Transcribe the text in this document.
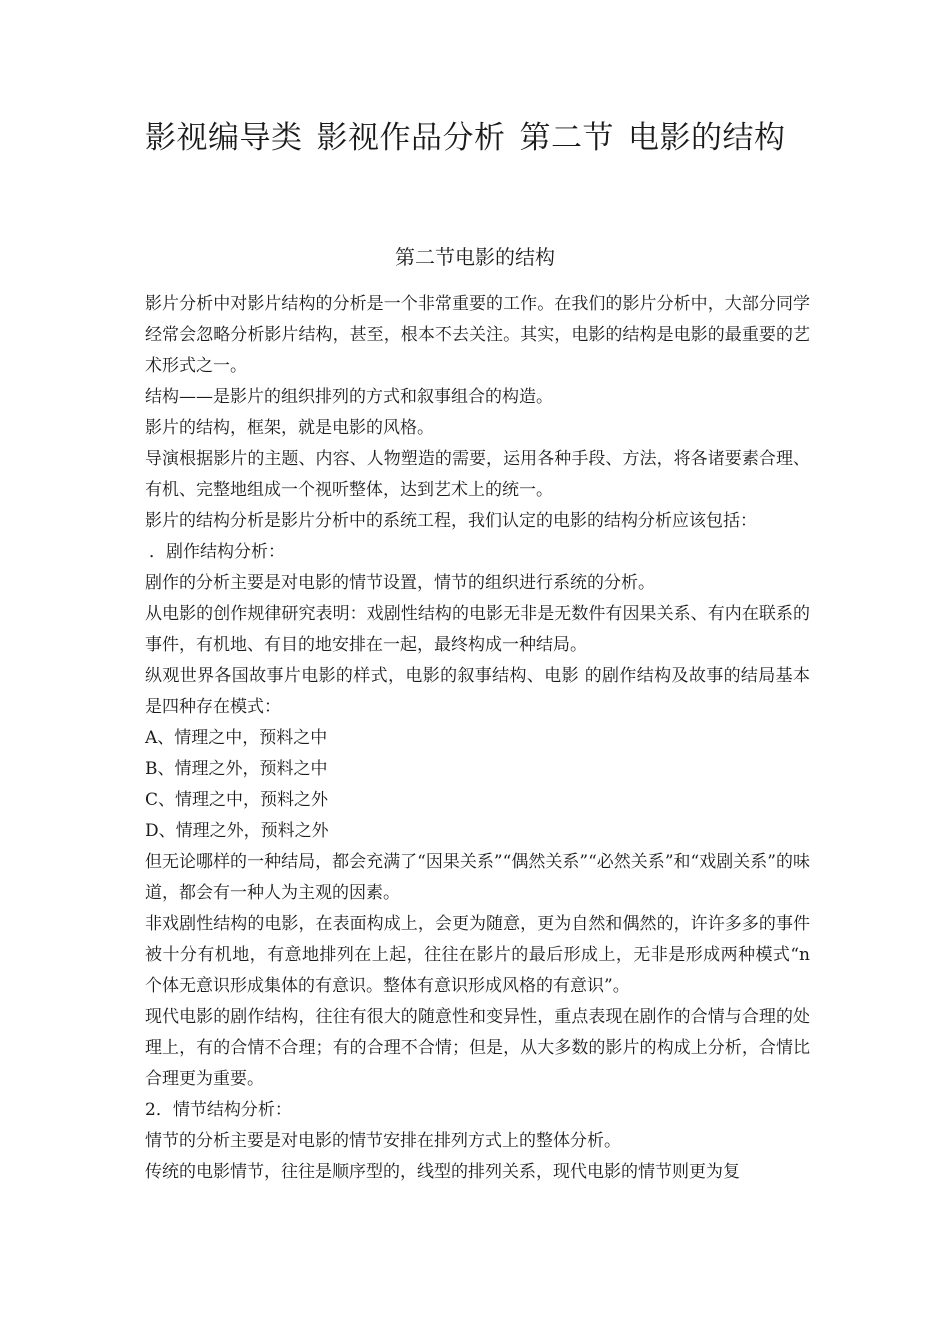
影视编导类 影视作品分析 第二节 电影的结构
第二节电影的结构

影片分析中对影片结构的分析是一个非常重要的工作。在我们的影片分析中，大部分同学经常会忽略分析影片结构，甚至，根本不去关注。其实，电影的结构是电影的最重要的艺术形式之一。

结构——是影片的组织排列的方式和叙事组合的构造。

影片的结构，框架，就是电影的风格。

导演根据影片的主题、内容、人物塑造的需要，运用各种手段、方法，将各诸要素合理、有机、完整地组成一个视听整体，达到艺术上的统一。

影片的结构分析是影片分析中的系统工程，我们认定的电影的结构分析应该包括：

．剧作结构分析：

剧作的分析主要是对电影的情节设置，情节的组织进行系统的分析。

从电影的创作规律研究表明：戏剧性结构的电影无非是无数件有因果关系、有内在联系的事件，有机地、有目的地安排在一起，最终构成一种结局。

纵观世界各国故事片电影的样式，电影的叙事结构、电影 的剧作结构及故事的结局基本是四种存在模式：

A、情理之中，预料之中

B、情理之外，预料之中

C、情理之中，预料之外

D、情理之外，预料之外

但无论哪样的一种结局，都会充满了“因果关系”“偶然关系”“必然关系”和“戏剧关系”的味道，都会有一种人为主观的因素。

非戏剧性结构的电影，在表面构成上，会更为随意，更为自然和偶然的，许许多多的事件被十分有机地，有意地排列在上起，往往在影片的最后形成上，无非是形成两种模式“n个体无意识形成集体的有意识。整体有意识形成风格的有意识”。

现代电影的剧作结构，往往有很大的随意性和变异性，重点表现在剧作的合情与合理的处理上，有的合情不合理；有的合理不合情；但是，从大多数的影片的构成上分析，合情比合理更为重要。

2．情节结构分析：

情节的分析主要是对电影的情节安排在排列方式上的整体分析。

传统的电影情节，往往是顺序型的，线型的排列关系，现代电影的情节则更为复
